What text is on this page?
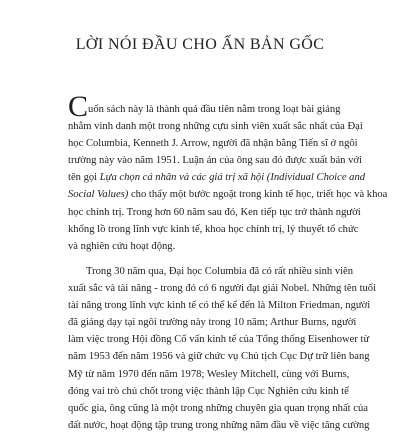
LỜI NÓI ĐẦU CHO ẤN BẢN GỐC
Cuốn sách này là thành quả đầu tiên nằm trong loạt bài giảng
nhằm vinh danh một trong những cựu sinh viên xuất sắc nhất của Đại
học Columbia, Kenneth J. Arrow, người đã nhận bằng Tiến sĩ ở ngôi
trường này vào năm 1951. Luận án của ông sau đó được xuất bản với
tên gọi Lựa chọn cá nhân và các giá trị xã hội (Individual Choice and
Social Values) cho thấy một bước ngoặt trong kinh tế học, triết học và khoa
học chính trị. Trong hơn 60 năm sau đó, Ken tiếp tục trở thành người
khổng lồ trong lĩnh vực kinh tế, khoa học chính trị, lý thuyết tổ chức
và nghiên cứu hoạt động.
Trong 30 năm qua, Đại học Columbia đã có rất nhiều sinh viên
xuất sắc và tài năng - trong đó có 6 người đạt giải Nobel. Những tên tuổi
tài năng trong lĩnh vực kinh tế có thể kể đến là Milton Friedman, người
đã giảng dạy tại ngôi trường này trong 10 năm; Arthur Burns, người
làm việc trong Hội đồng Cố vấn kinh tế của Tổng thống Eisenhower từ
năm 1953 đến năm 1956 và giữ chức vụ Chủ tịch Cục Dự trữ liên bang
Mỹ từ năm 1970 đến năm 1978; Wesley Mitchell, cùng với Burns,
đóng vai trò chủ chốt trong việc thành lập Cục Nghiên cứu kinh tế
quốc gia, ông cũng là một trong những chuyên gia quan trọng nhất của
đất nước, hoạt động tập trung trong những năm đầu về việc tăng cường
